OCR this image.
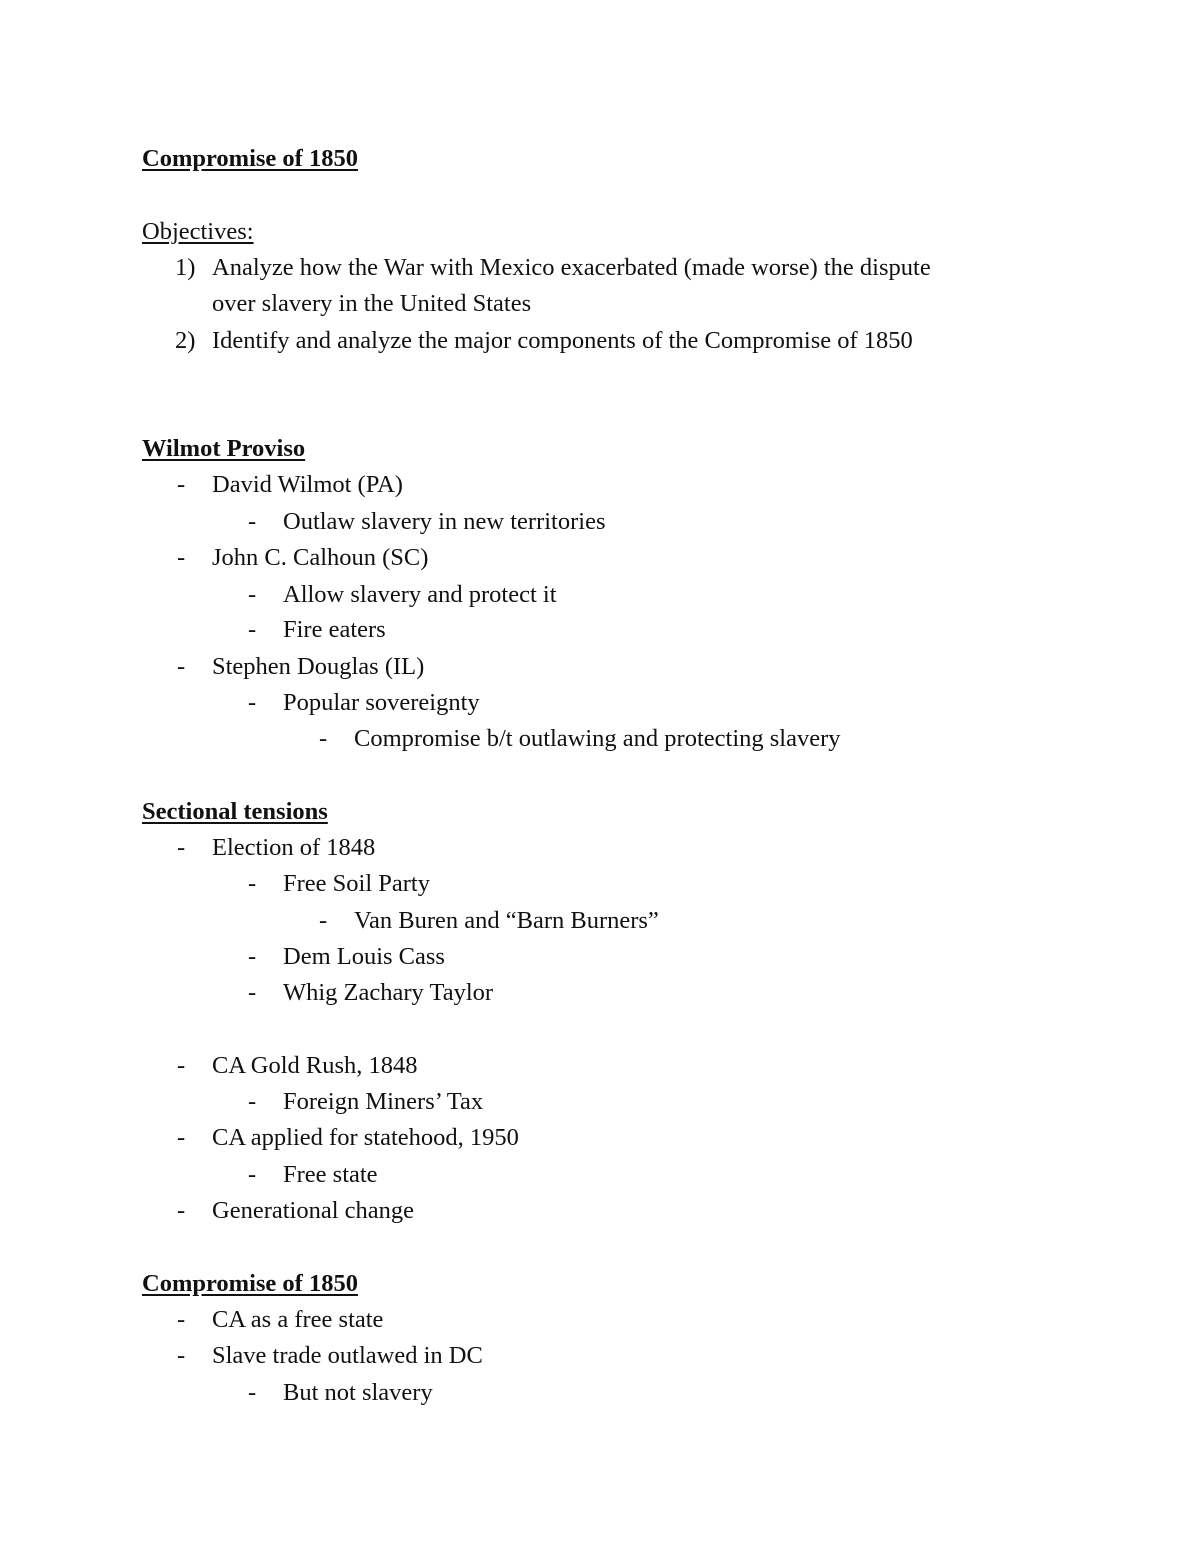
Compromise of 1850
Objectives:
1) Analyze how the War with Mexico exacerbated (made worse) the dispute
over slavery in the United States
2) Identify and analyze the major components of the Compromise of 1850
Wilmot Proviso
- David Wilmot (PA)
- Outlaw slavery in new territories
- John C. Calhoun (SC)
- Allow slavery and protect it
- Fire eaters
- Stephen Douglas (IL)
- Popular sovereignty
- Compromise b/t outlawing and protecting slavery
Sectional tensions
- Election of 1848
- Free Soil Party
- Van Buren and “Barn Burners”
- Dem Louis Cass
- Whig Zachary Taylor
- CA Gold Rush, 1848
- Foreign Miners’ Tax
- CA applied for statehood, 1950
- Free state
- Generational change
Compromise of 1850
- CA as a free state
- Slave trade outlawed in DC
- But not slavery
